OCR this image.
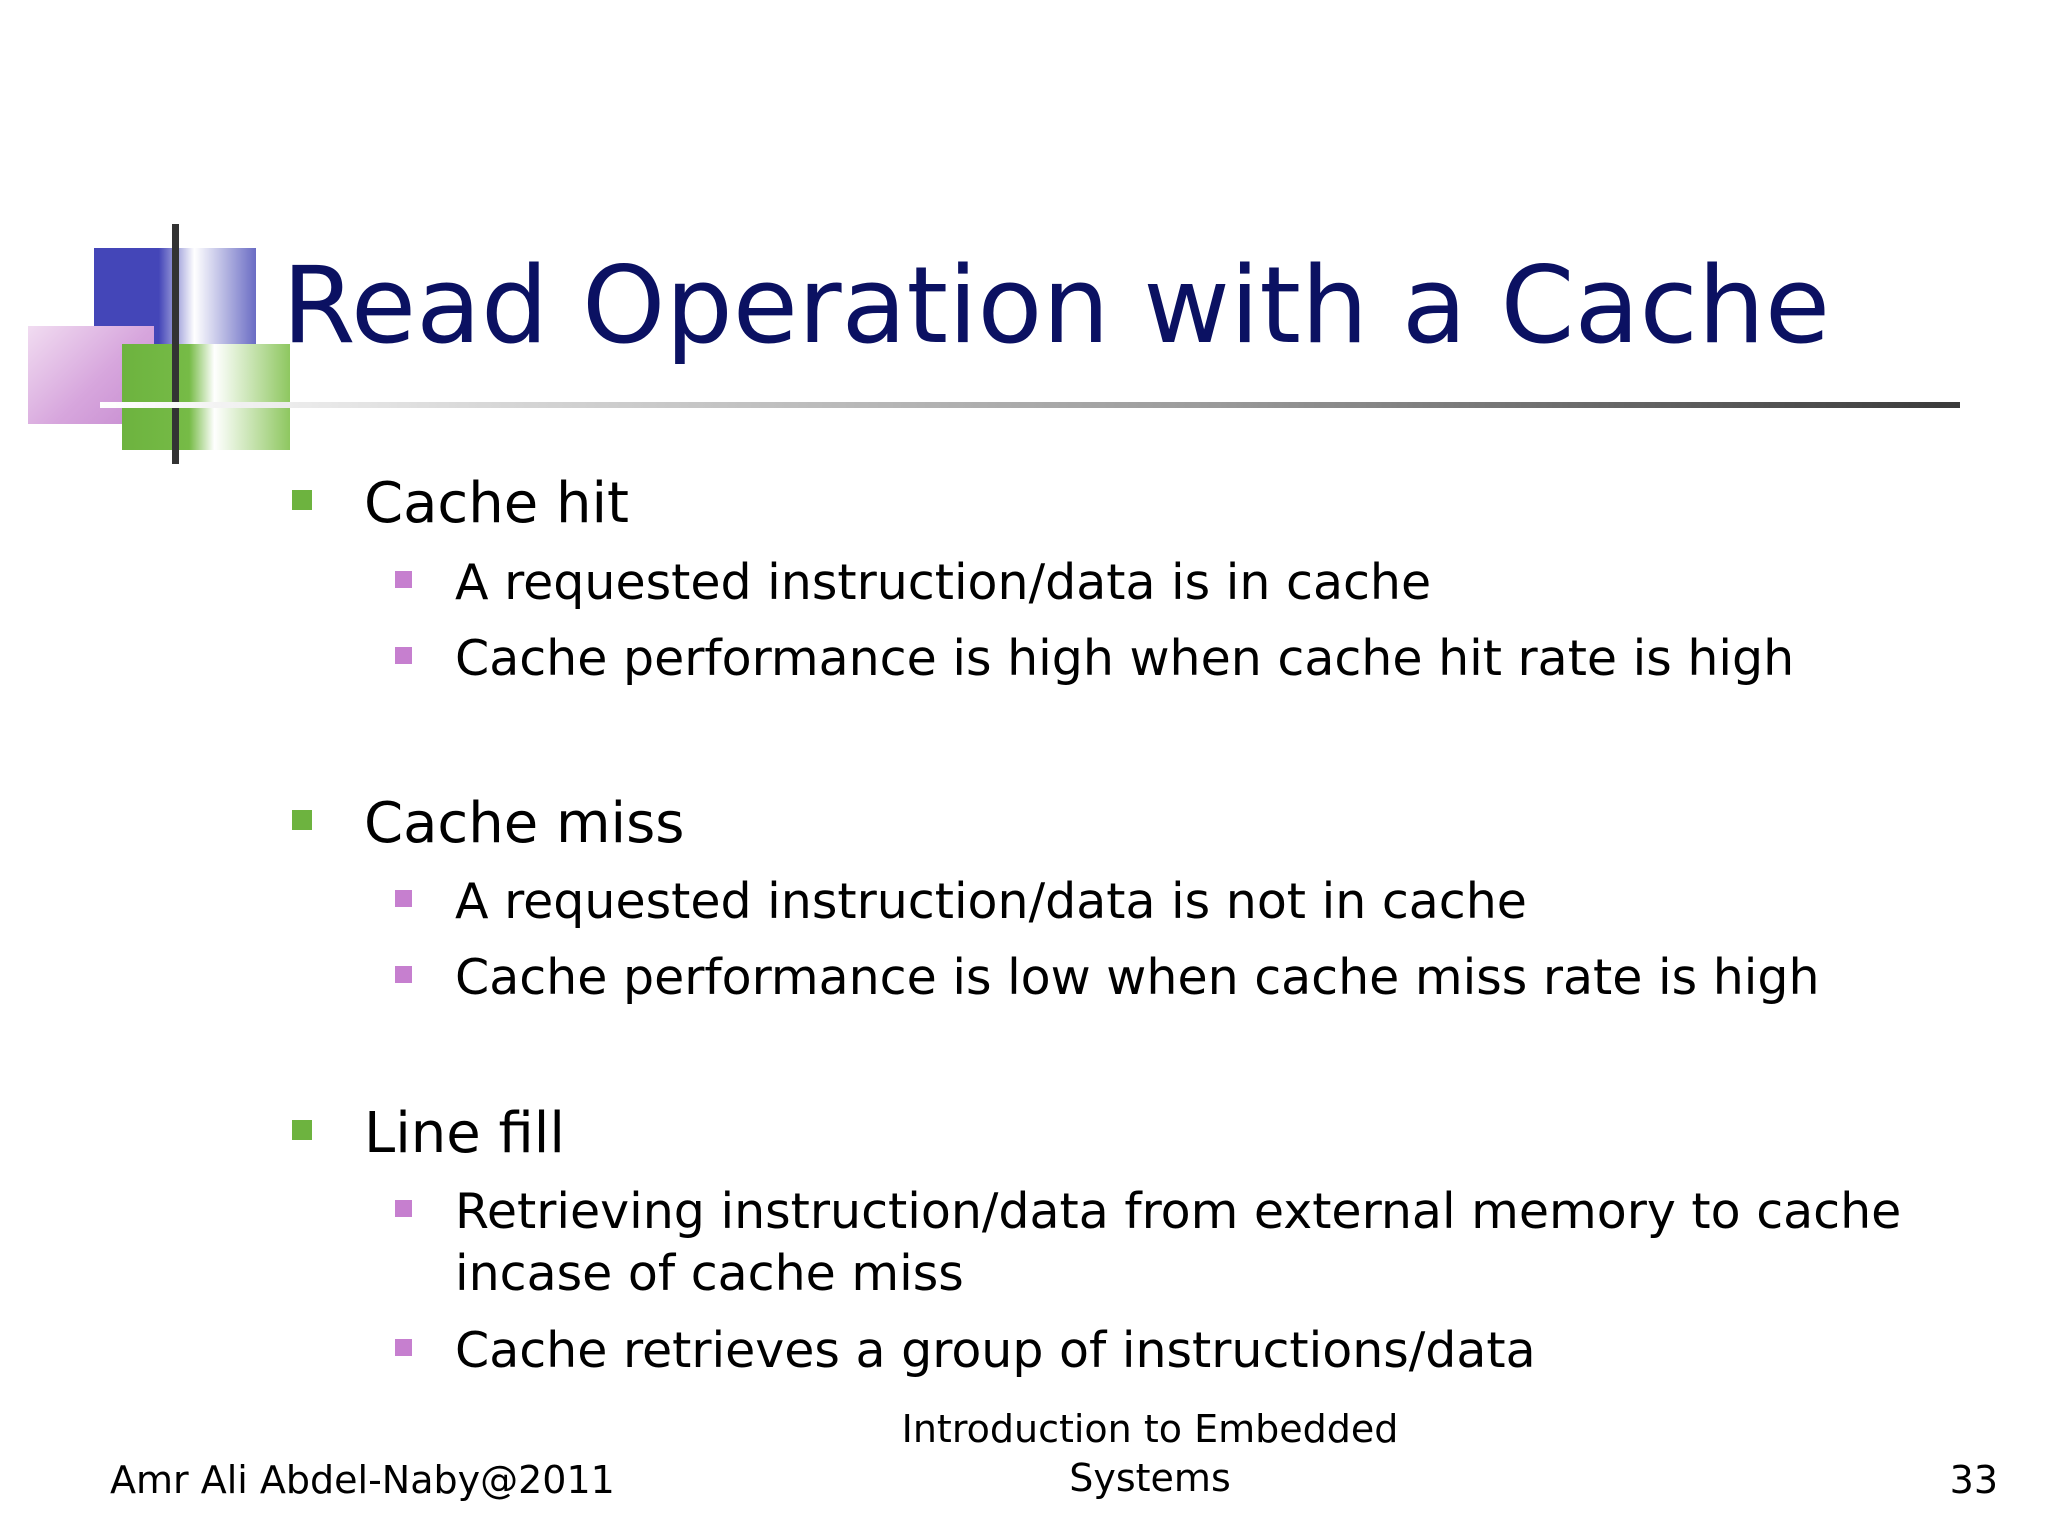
Read Operation with a Cache
Cache hit
A requested instruction/data is in cache
Cache performance is high when cache hit rate is high
Cache miss
A requested instruction/data is not in cache
Cache performance is low when cache miss rate is high
Line fill
Retrieving instruction/data from external memory to cache incase of cache miss
Cache retrieves a group of instructions/data
Amr Ali Abdel-Naby@2011
Introduction to Embedded Systems	33
